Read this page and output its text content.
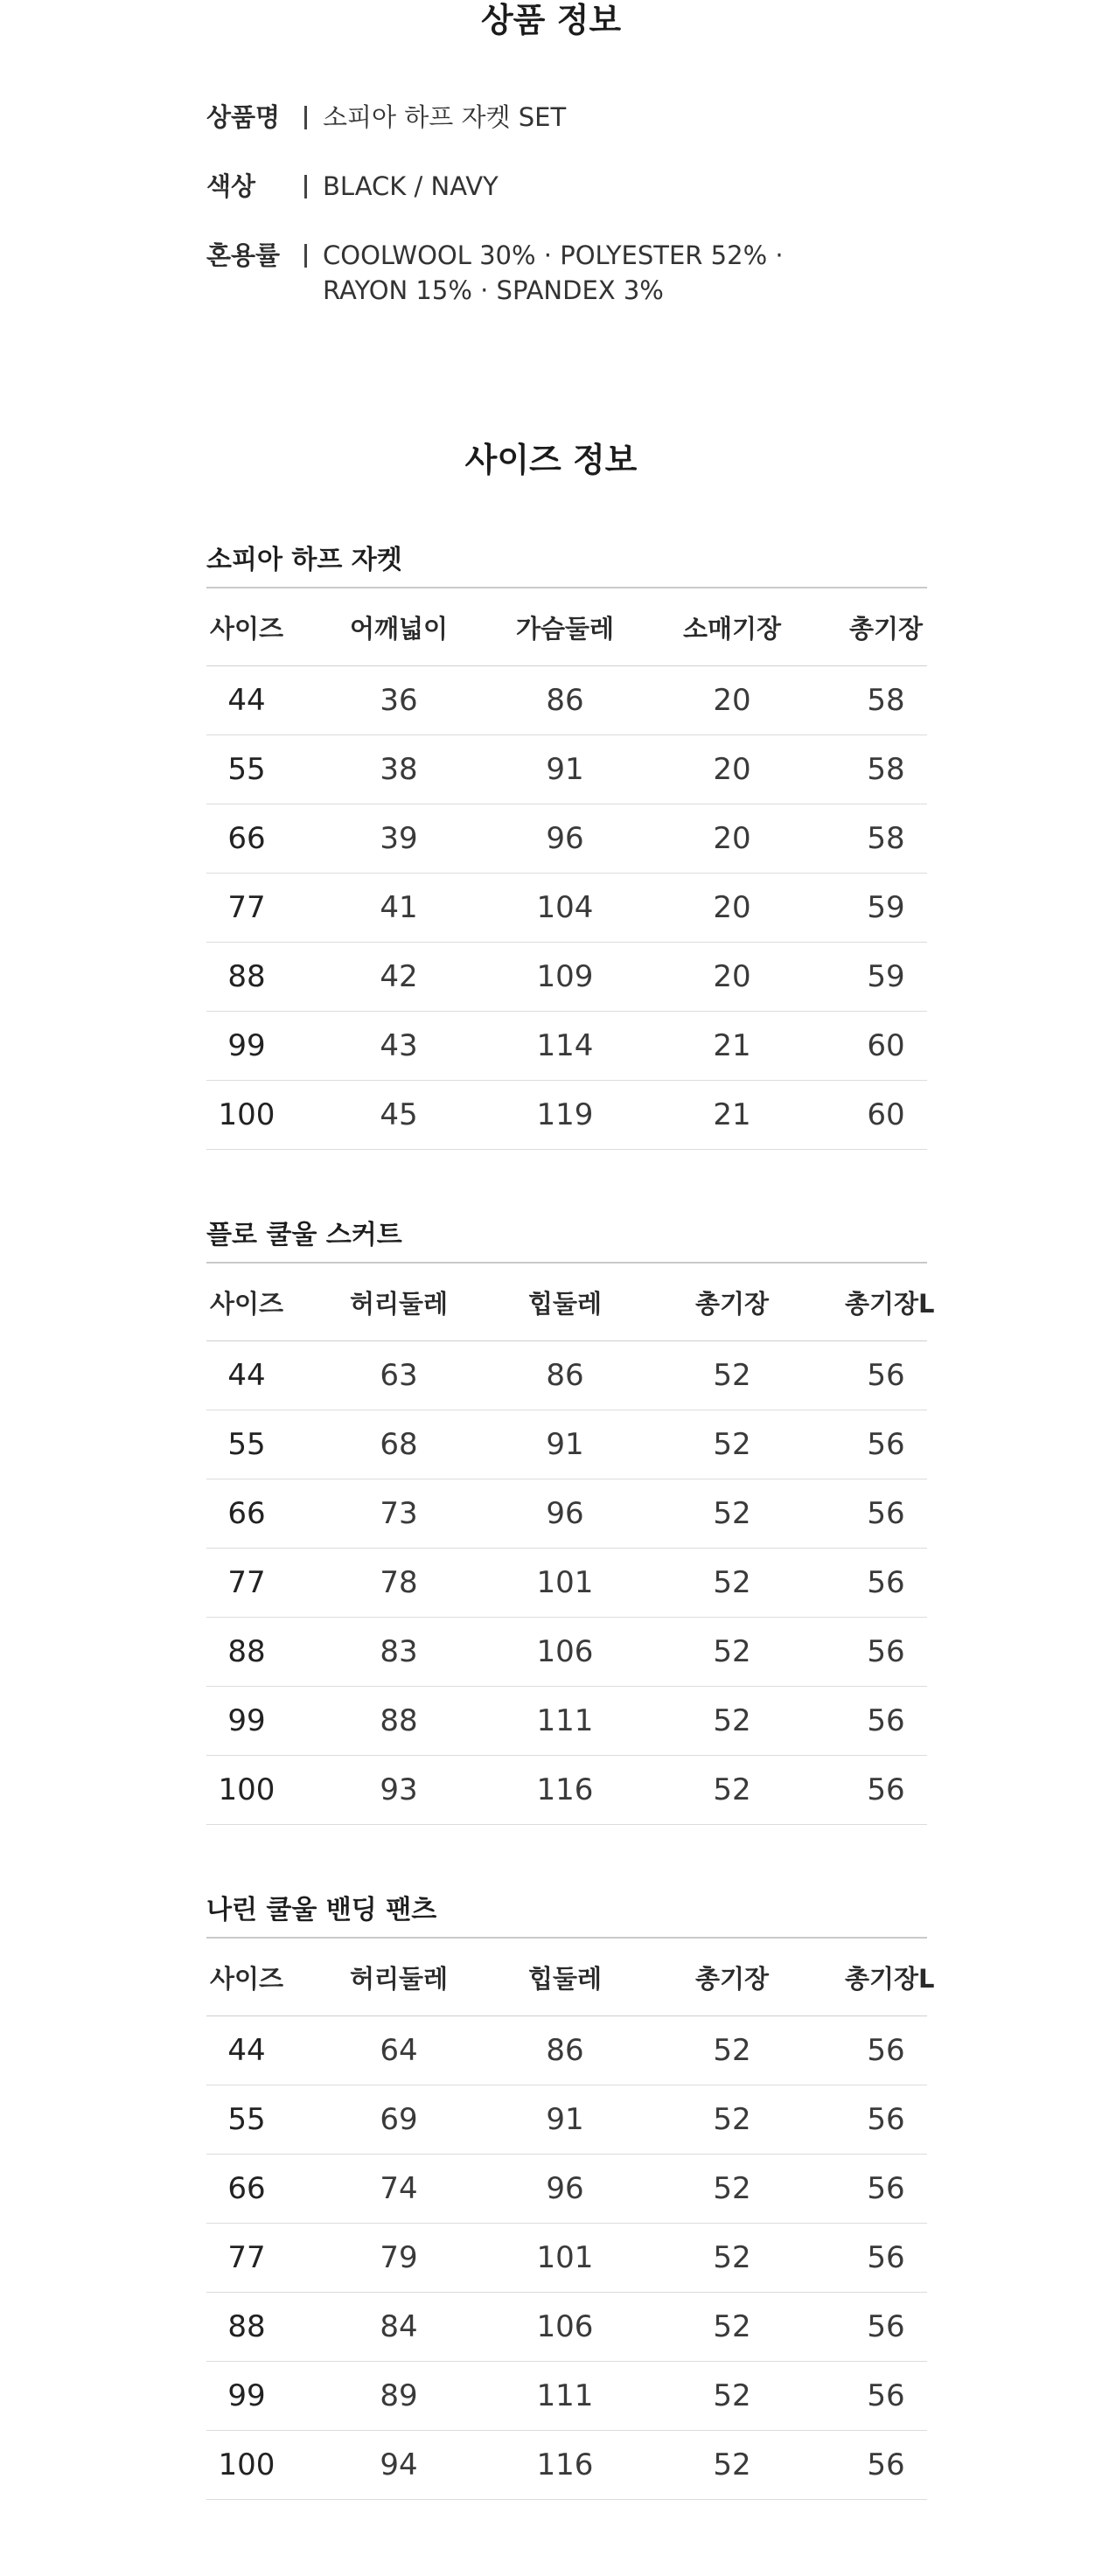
상품 정보
상품명	소피아 하프 자켓 SET
색상	BLACK / NAVY
혼용률	COOLWOOL 30% · POLYESTER 52% ·
RAYON 15% · SPANDEX 3%
사이즈 정보
소피아 하프 자켓
사이즈	어깨넓이	가슴둘레	소매기장	총기장
44	36	86	20	58
55	38	91	20	58
66	39	96	20	58
77	41	104	20	59
88	42	109	20	59
99	43	114	21	60
100	45	119	21	60
플로 쿨울 스커트
사이즈	허리둘레	힙둘레	총기장	총기장L
44	63	86	52	56
55	68	91	52	56
66	73	96	52	56
77	78	101	52	56
88	83	106	52	56
99	88	111	52	56
100	93	116	52	56
나린 쿨울 밴딩 팬츠
사이즈	허리둘레	힙둘레	총기장	총기장L
44	64	86	52	56
55	69	91	52	56
66	74	96	52	56
77	79	101	52	56
88	84	106	52	56
99	89	111	52	56
100	94	116	52	56
